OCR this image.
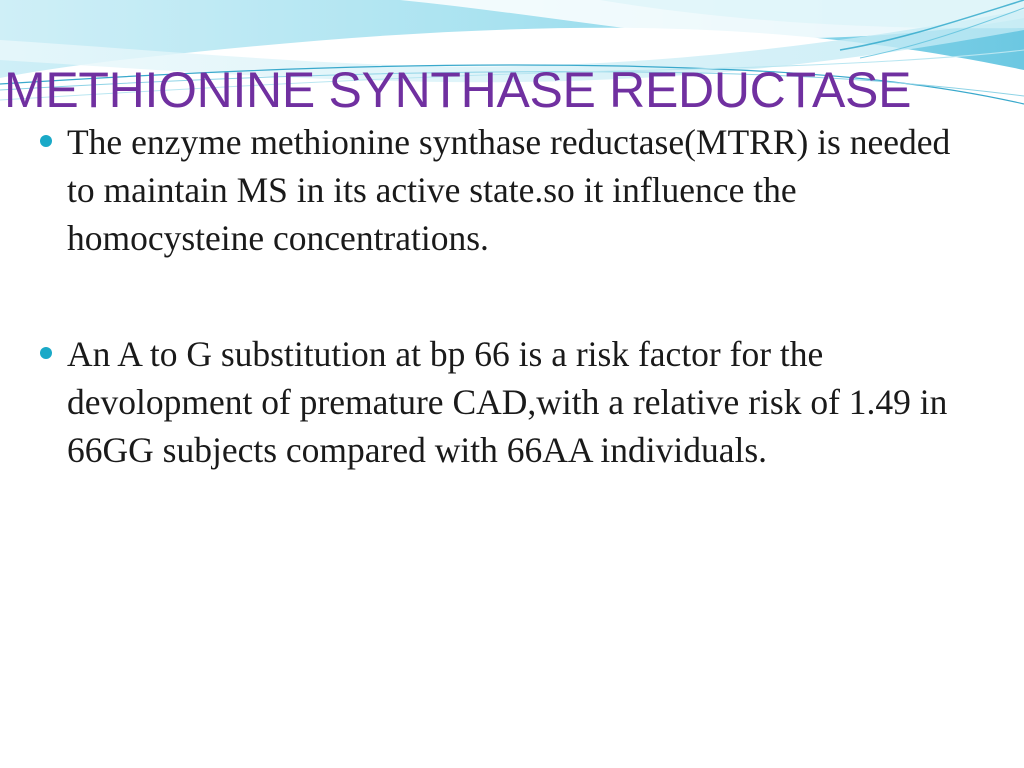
METHIONINE SYNTHASE REDUCTASE
The enzyme methionine synthase reductase(MTRR) is needed to maintain MS in its active state.so it influence the homocysteine concentrations.
An A to G substitution at bp 66 is a risk factor for the devolopment of premature CAD,with a relative risk of 1.49 in 66GG subjects compared with 66AA individuals.
